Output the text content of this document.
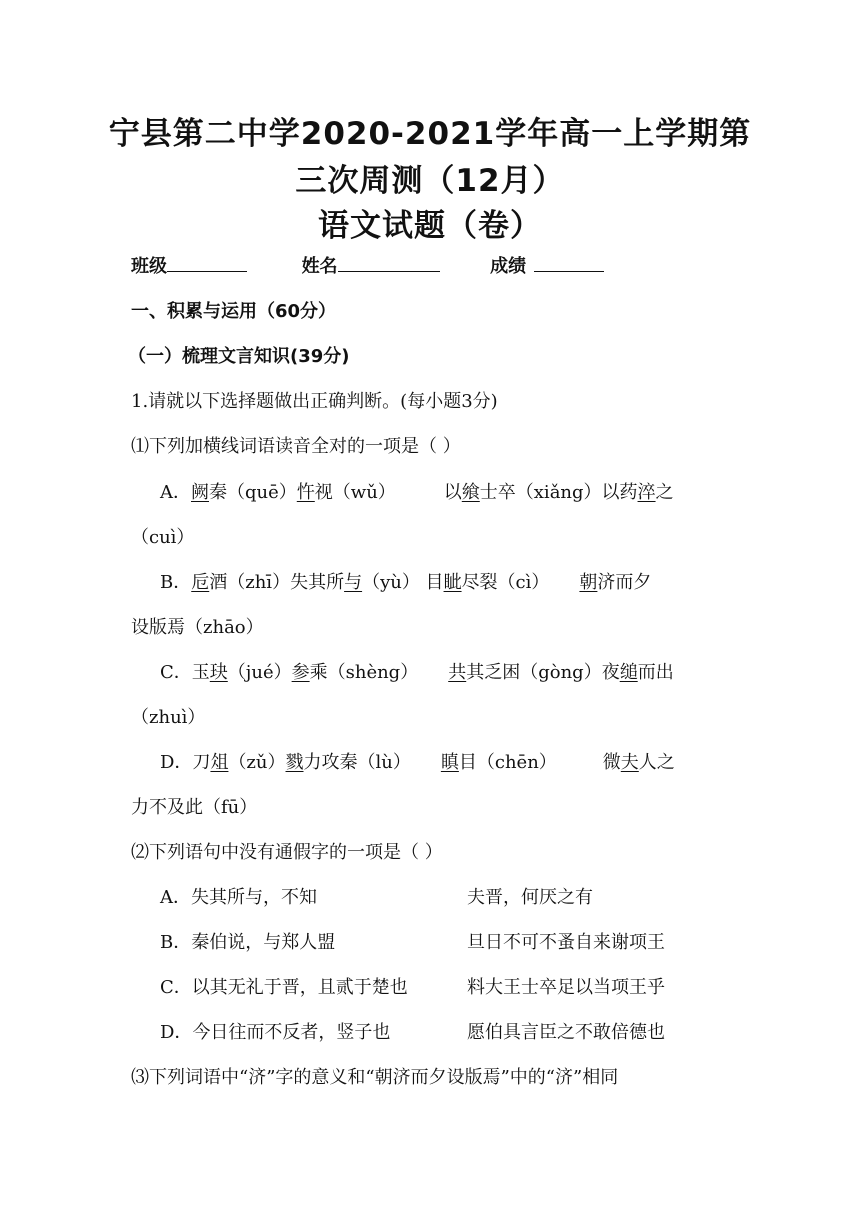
宁县第二中学2020-2021学年高一上学期第
三次周测（12月）
语文试题（卷）
班级	姓名	成绩
一、积累与运用（60分）
（一）梳理文言知识(39分)
1.请就以下选择题做出正确判断。(每小题3分)
⑴下列加横线词语读音全对的一项是（ ）
A．阙秦（quē）忤视（wǔ）	以飨士卒（xiǎng）以药淬之
（cuì）
B．卮酒（zhī）失其所与（yù） 目眦尽裂（cì） 朝济而夕
设版焉（zhāo）
C．玉玦（jué）参乘（shèng） 共其乏困（gòng）夜缒而出
（zhuì）
D．刀俎（zǔ）戮力攻秦（lù） 瞋目（chēn）	微夫人之
力不及此（fū）
⑵下列语句中没有通假字的一项是（ ）
A．失其所与，不知	夫晋，何厌之有
B．秦伯说，与郑人盟	旦日不可不蚤自来谢项王
C．以其无礼于晋，且贰于楚也	料大王士卒足以当项王乎
D．今日往而不反者，竖子也	愿伯具言臣之不敢倍德也
⑶下列词语中“济”字的意义和“朝济而夕设版焉”中的“济”相同
